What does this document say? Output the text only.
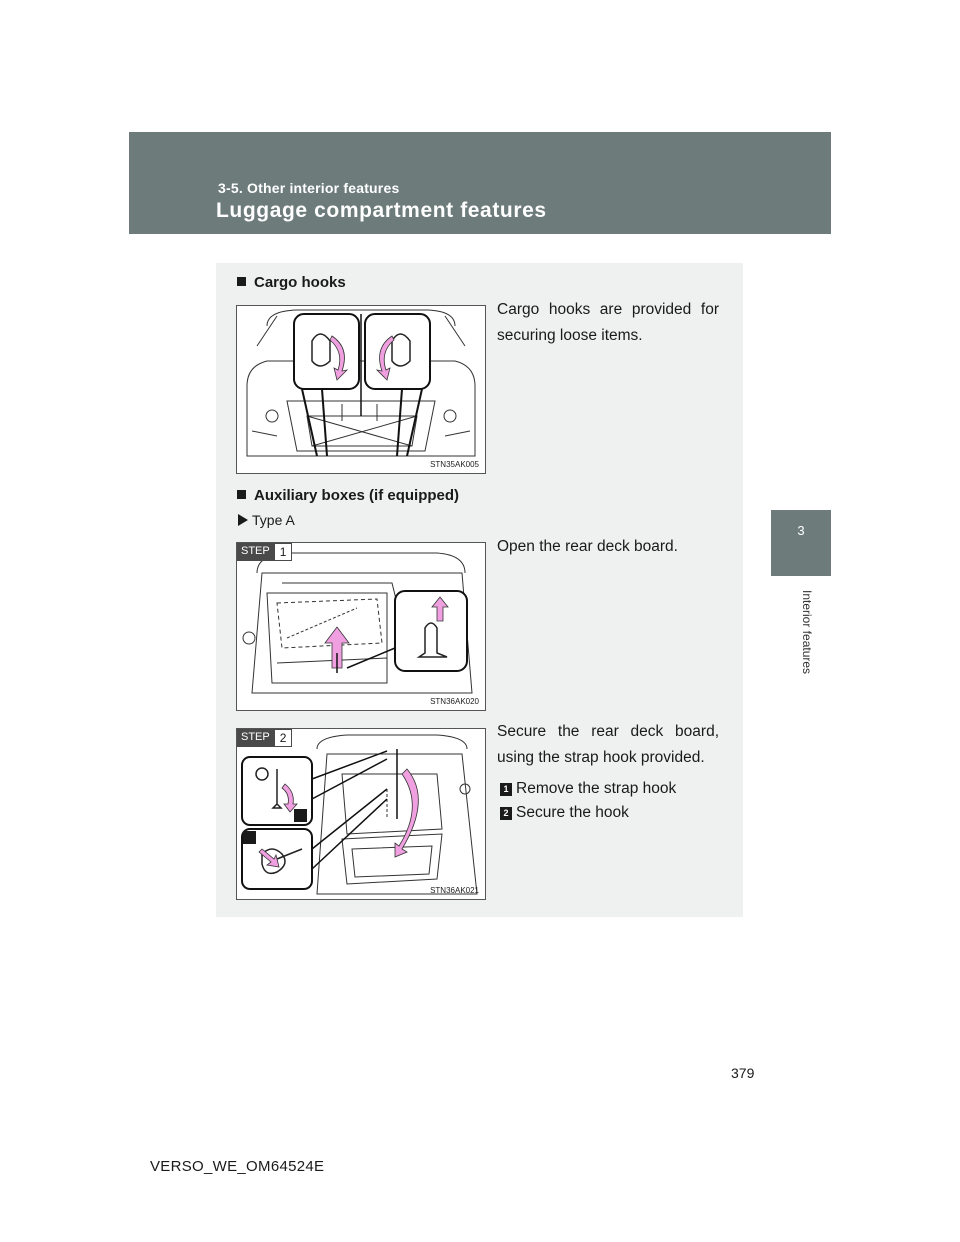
3-5. Other interior features
Luggage compartment features
3
Interior features
Cargo hooks
STN35AK005
Cargo hooks are provided for securing loose items.
Auxiliary boxes (if equipped)
Type A
STEP 1
STN36AK020
Open the rear deck board.
STEP 2
STN36AK021
Secure the rear deck board, using the strap hook provided.
1 Remove the strap hook
2 Secure the hook
379
VERSO_WE_OM64524E
